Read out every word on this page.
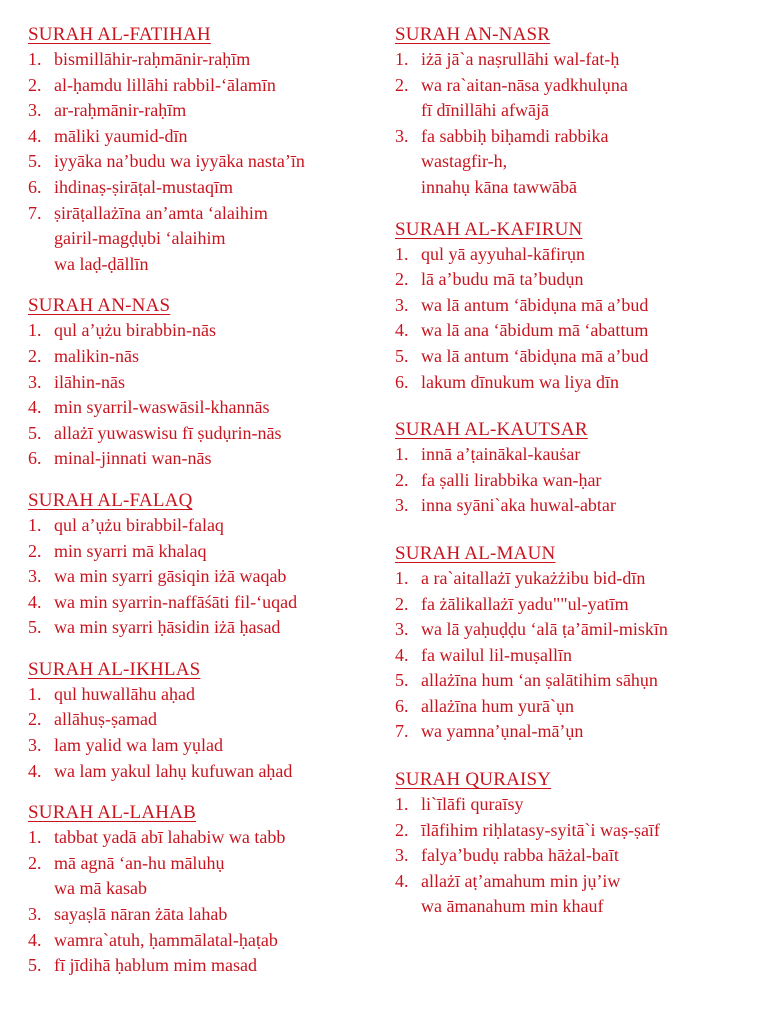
SURAH AL-FATIHAH
1. bismillāhir-raḥmānir-raḥīm
2. al-ḥamdu lillāhi rabbil-‘ālamīn
3. ar-raḥmānir-raḥīm
4. māliki yaumid-dīn
5. iyyāka na’budu wa iyyāka nasta’īn
6. ihdinaṣ-ṣirāṭal-mustaqīm
7. ṣirāṭallażīna an’amta ‘alaihim
gairil-magḍụbi ‘alaihim
wa laḍ-ḍāllīn
SURAH AN-NAS
1. qul a’ụżu birabbin-nās
2. malikin-nās
3. ilāhin-nās
4. min syarril-waswāsil-khannās
5. allażī yuwaswisu fī ṣudụrin-nās
6. minal-jinnati wan-nās
SURAH AL-FALAQ
1. qul a’ụżu birabbil-falaq
2. min syarri mā khalaq
3. wa min syarri gāsiqin iżā waqab
4. wa min syarrin-naffāśāti fil-‘uqad
5. wa min syarri ḥāsidin iżā ḥasad
SURAH AL-IKHLAS
1. qul huwallāhu aḥad
2. allāhuṣ-ṣamad
3. lam yalid wa lam yụlad
4. wa lam yakul lahụ kufuwan aḥad
SURAH AL-LAHAB
1. tabbat yadā abī lahabiw wa tabb
2. mā agnā ‘an-hu māluhụ
wa mā kasab
3. sayaṣlā nāran żāta lahab
4. wamra`atuh, ḥammālatal-ḥaṭab
5. fī jīdihā ḥablum mim masad
SURAH AN-NASR
1. iżā jā`a naṣrullāhi wal-fat-ḥ
2. wa ra`aitan-nāsa yadkhulụna
fī dīnillāhi afwājā
3. fa sabbiḥ biḥamdi rabbika
wastagfir-h,
innahụ kāna tawwābā
SURAH AL-KAFIRUN
1. qul yā ayyuhal-kāfirụn
2. lā a’budu mā ta’budụn
3. wa lā antum ‘ābidụna mā a’bud
4. wa lā ana ‘ābidum mā ‘abattum
5. wa lā antum ‘ābidụna mā a’bud
6. lakum dīnukum wa liya dīn
SURAH AL-KAUTSAR
1. innā a’ṭainākal-kauṡar
2. fa ṣalli lirabbika wan-ḥar
3. inna syāni`aka huwal-abtar
SURAH AL-MAUN
1. a ra`aitallażī yukażżibu bid-dīn
2. fa żālikallażī yadu""ul-yatīm
3. wa lā yaḥuḍḍu ‘alā ṭa’āmil-miskīn
4. fa wailul lil-muṣallīn
5. allażīna hum ‘an ṣalātihim sāhụn
6. allażīna hum yurā`ụn
7. wa yamna’ụnal-mā’ụn
SURAH QURAISY
1. li`īlāfi quraīsy
2. īlāfihim riḥlatasy-syitā`i waṣ-ṣaīf
3. falya’budụ rabba hāżal-baīt
4. allażī aṭ’amahum min jụ’iw
wa āmanahum min khauf
